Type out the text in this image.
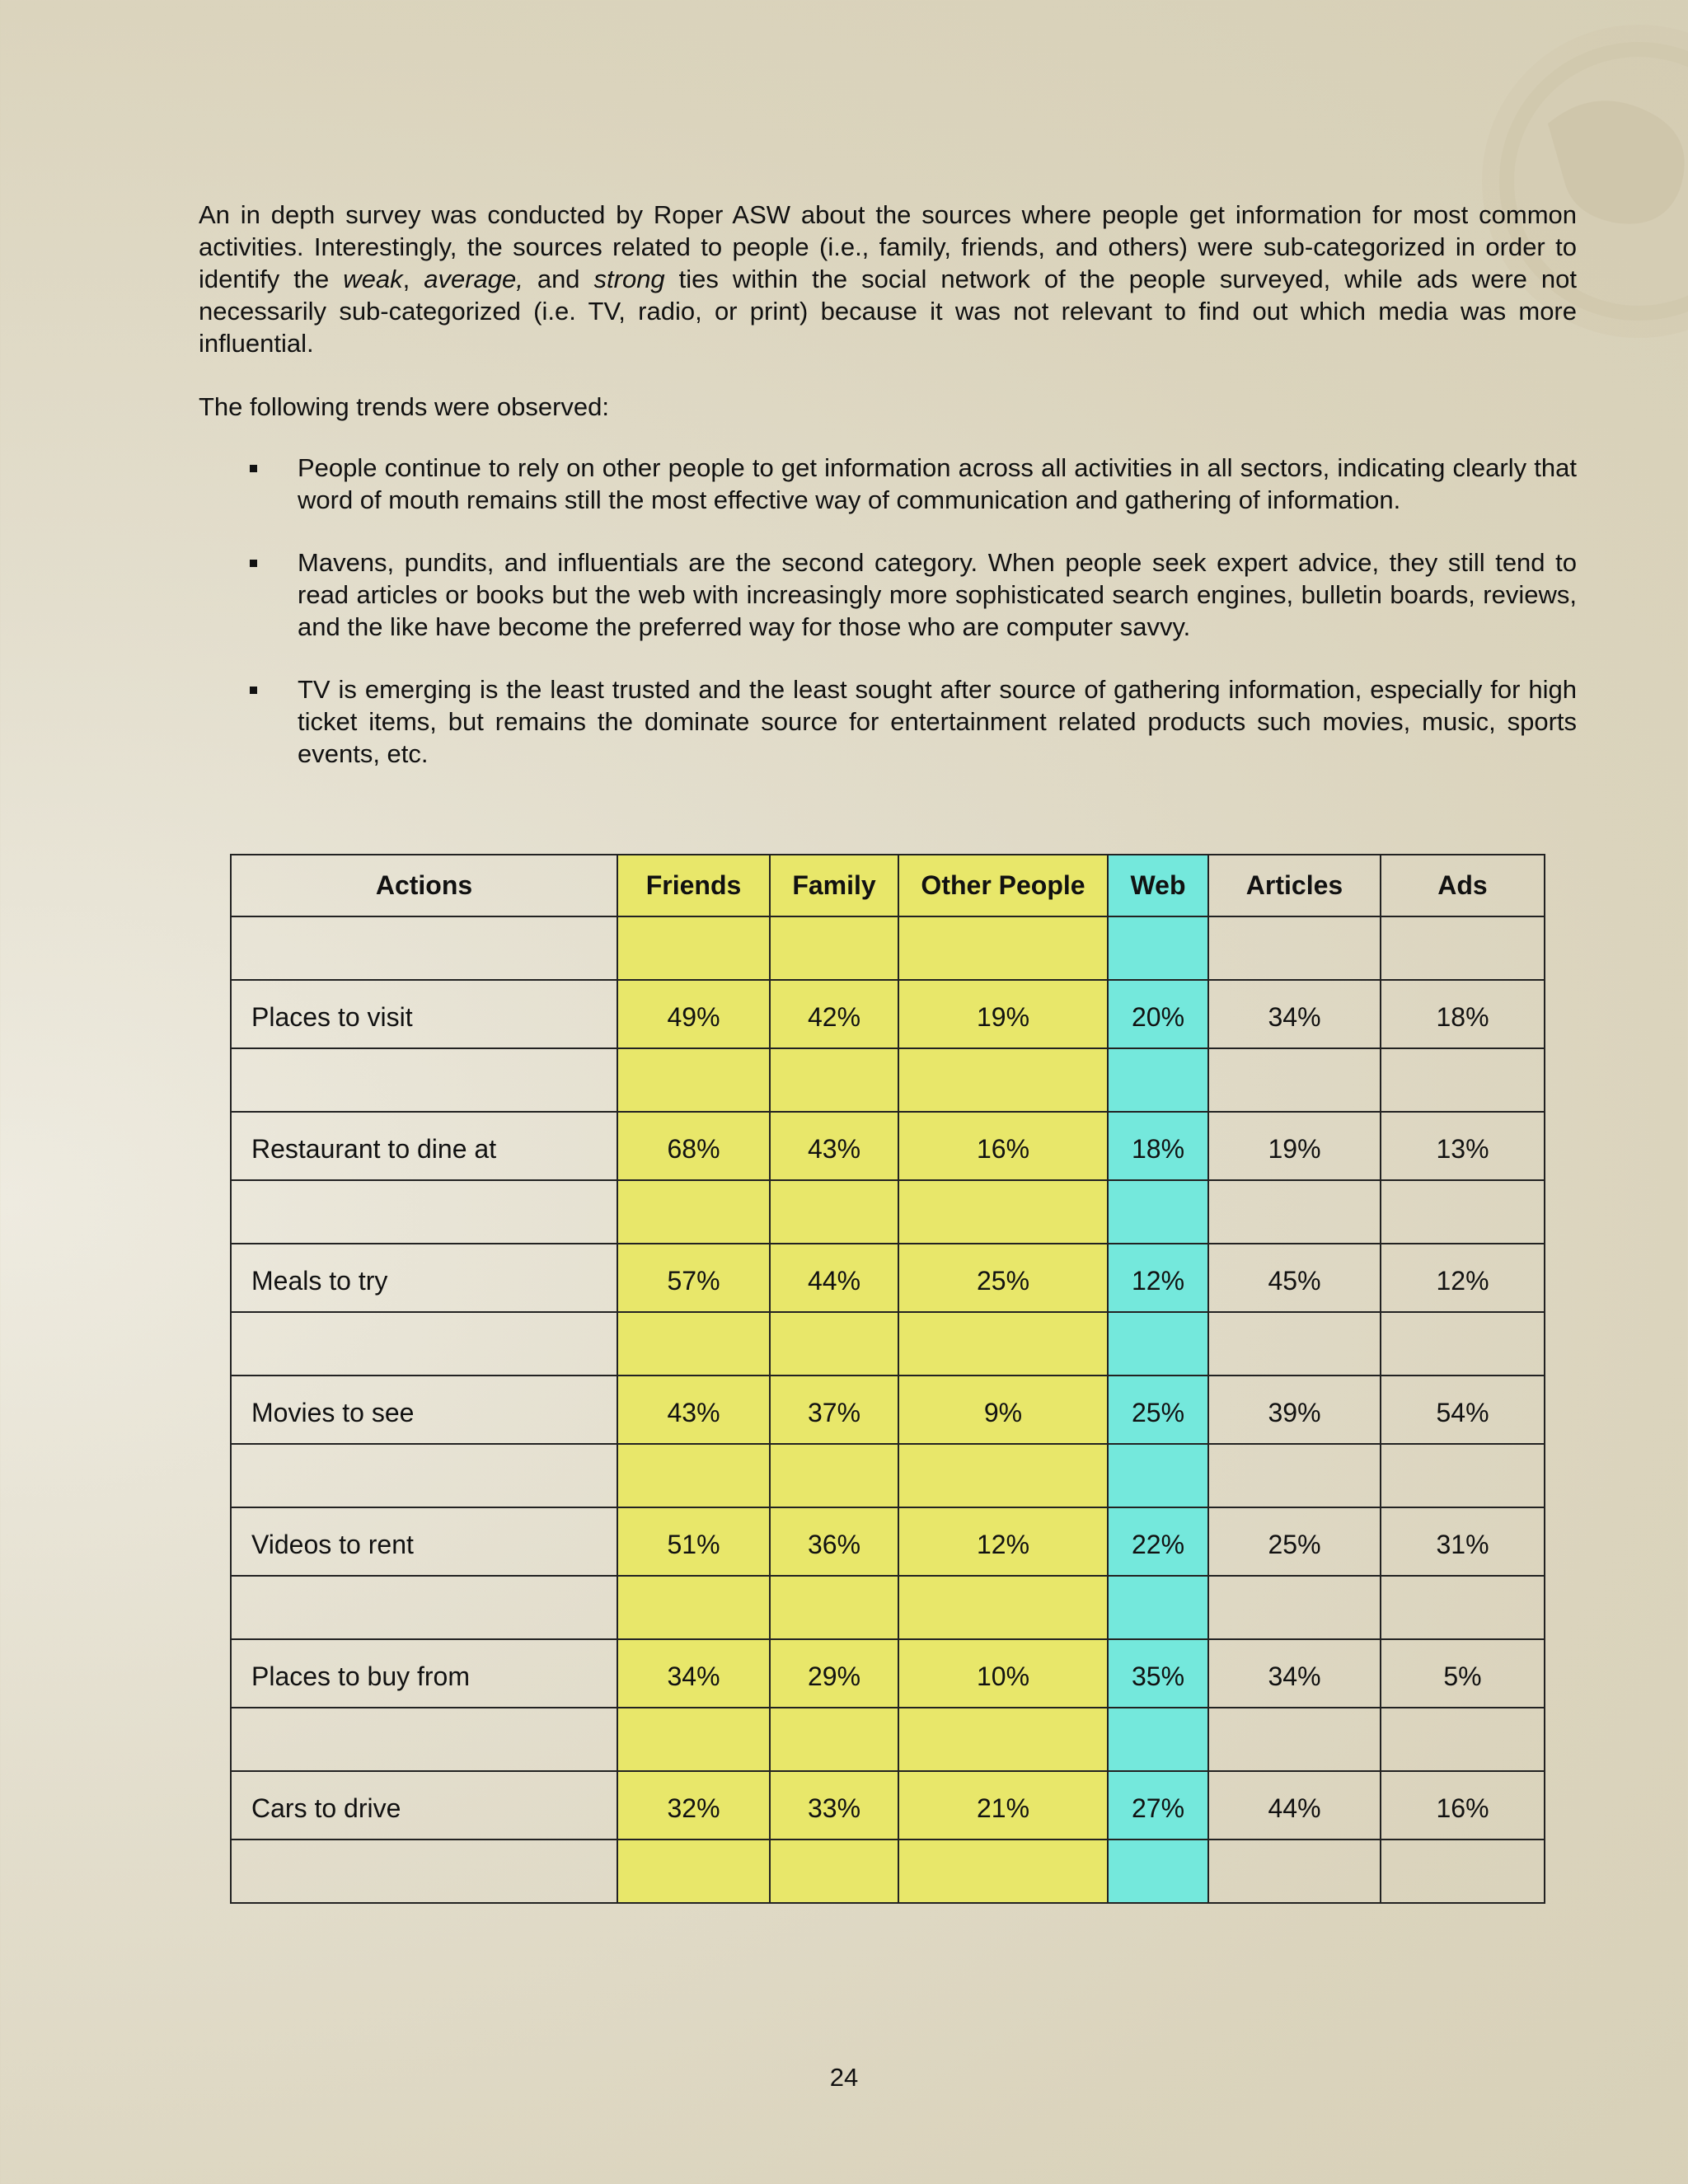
An in depth survey was conducted by Roper ASW about the sources where people get information for most common activities. Interestingly, the sources related to people (i.e., family, friends, and others) were sub-categorized in order to identify the weak, average, and strong ties within the social network of the people surveyed, while ads were not necessarily sub-categorized (i.e. TV, radio, or print) because it was not relevant to find out which media was more influential.
The following trends were observed:
People continue to rely on other people to get information across all activities in all sectors, indicating clearly that word of mouth remains still the most effective way of communication and gathering of information.
Mavens, pundits, and influentials are the second category. When people seek expert advice, they still tend to read articles or books but the web with increasingly more sophisticated search engines, bulletin boards, reviews, and the like have become the preferred way for those who are computer savvy.
TV is emerging is the least trusted and the least sought after source of gathering information, especially for high ticket items, but remains the dominate source for entertainment related products such movies, music, sports events, etc.
Actions	Friends	Family	Other People	Web	Articles	Ads

Places to visit	49%	42%	19%	20%	34%	18%

Restaurant to dine at	68%	43%	16%	18%	19%	13%

Meals to try	57%	44%	25%	12%	45%	12%

Movies to see	43%	37%	9%	25%	39%	54%

Videos to rent	51%	36%	12%	22%	25%	31%

Places to buy from	34%	29%	10%	35%	34%	5%

Cars to drive	32%	33%	21%	27%	44%	16%

24
